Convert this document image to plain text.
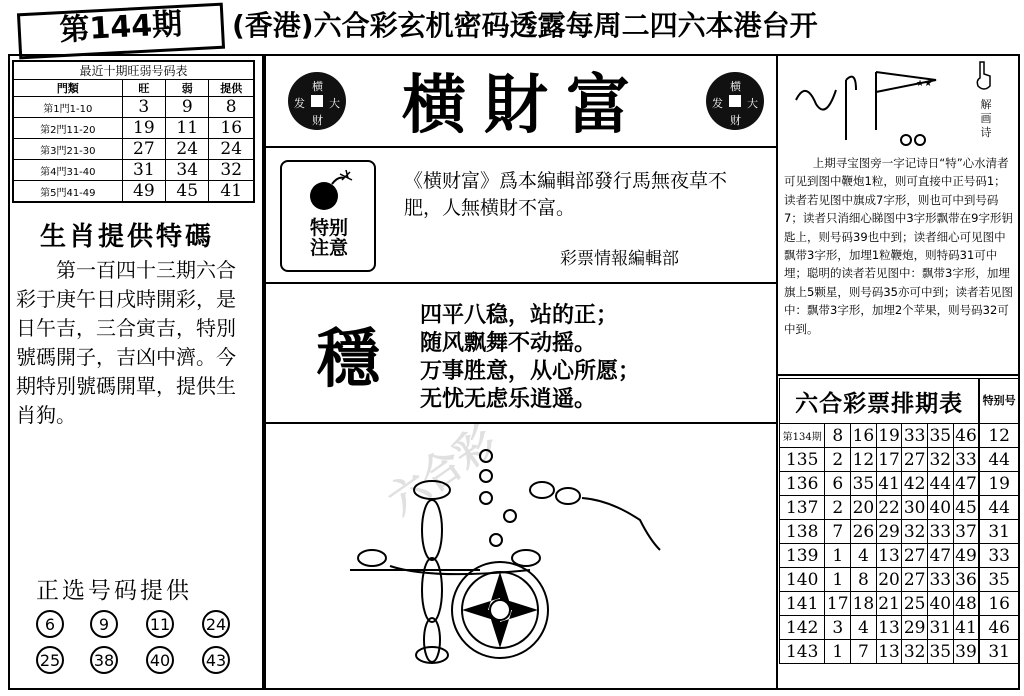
第144期	(香港)六合彩玄机密码透露每周二四六本港台开
最近十期旺弱号码表			
門類	旺	弱	提供
第1門1-10	3	9	8
第2門11-20	19	11	16
第3門21-30	27	24	24
第4門31-40	31	34	32
第5門41-49	49	45	41
生肖提供特碼
第一百四十三期六合彩于庚午日戌時開彩，是日午吉，三合寅吉，特別號碼開子，吉凶中濟。今期特別號碼開單，提供生肖狗。
正选号码提供
6	9	11 24
25 38 40 43
横
发 大
财	横財富	横
发 大
财
特别
注意
《横财富》爲本編輯部發行馬無夜草不肥，人無横財不富。
彩票情報編輯部
穩
四平八稳，站的正；
随风飘舞不动摇。
万事胜意，从心所愿；
无忧无虑乐逍遥。
★★
解画诗
上期寻宝图旁一字记诗日“特”心水清者可见到图中鞭炮1粒，则可直接中正号码1；读者若见图中旗成7字形，则也可中到号码7；读者只消细心睇图中3字形飘带在9字形钥匙上，则号码39也中到；读者细心可见图中飘带3字形，加埋1粒鞭炮，则特码31可中埋；聪明的读者若见图中：飘带3字形，加埋旗上5颗星，则号码35亦可中到；读者若见图中：飘带3字形，加埋2个苹果，则号码32可中到。
六合彩票排期表							特别号
第134期	8	16	19	33	35	46	12
135	2	12	17	27	32	33	44
136	6	35	41	42	44	47	19
137	2	20	22	30	40	45	44
138	7	26	29	32	33	37	31
139	1	4	13	27	47	49	33
140	1	8	20	27	33	36	35
141	17	18	21	25	40	48	16
142	3	4	13	29	31	41	46
143	1	7	13	32	35	39	31
六合彩
